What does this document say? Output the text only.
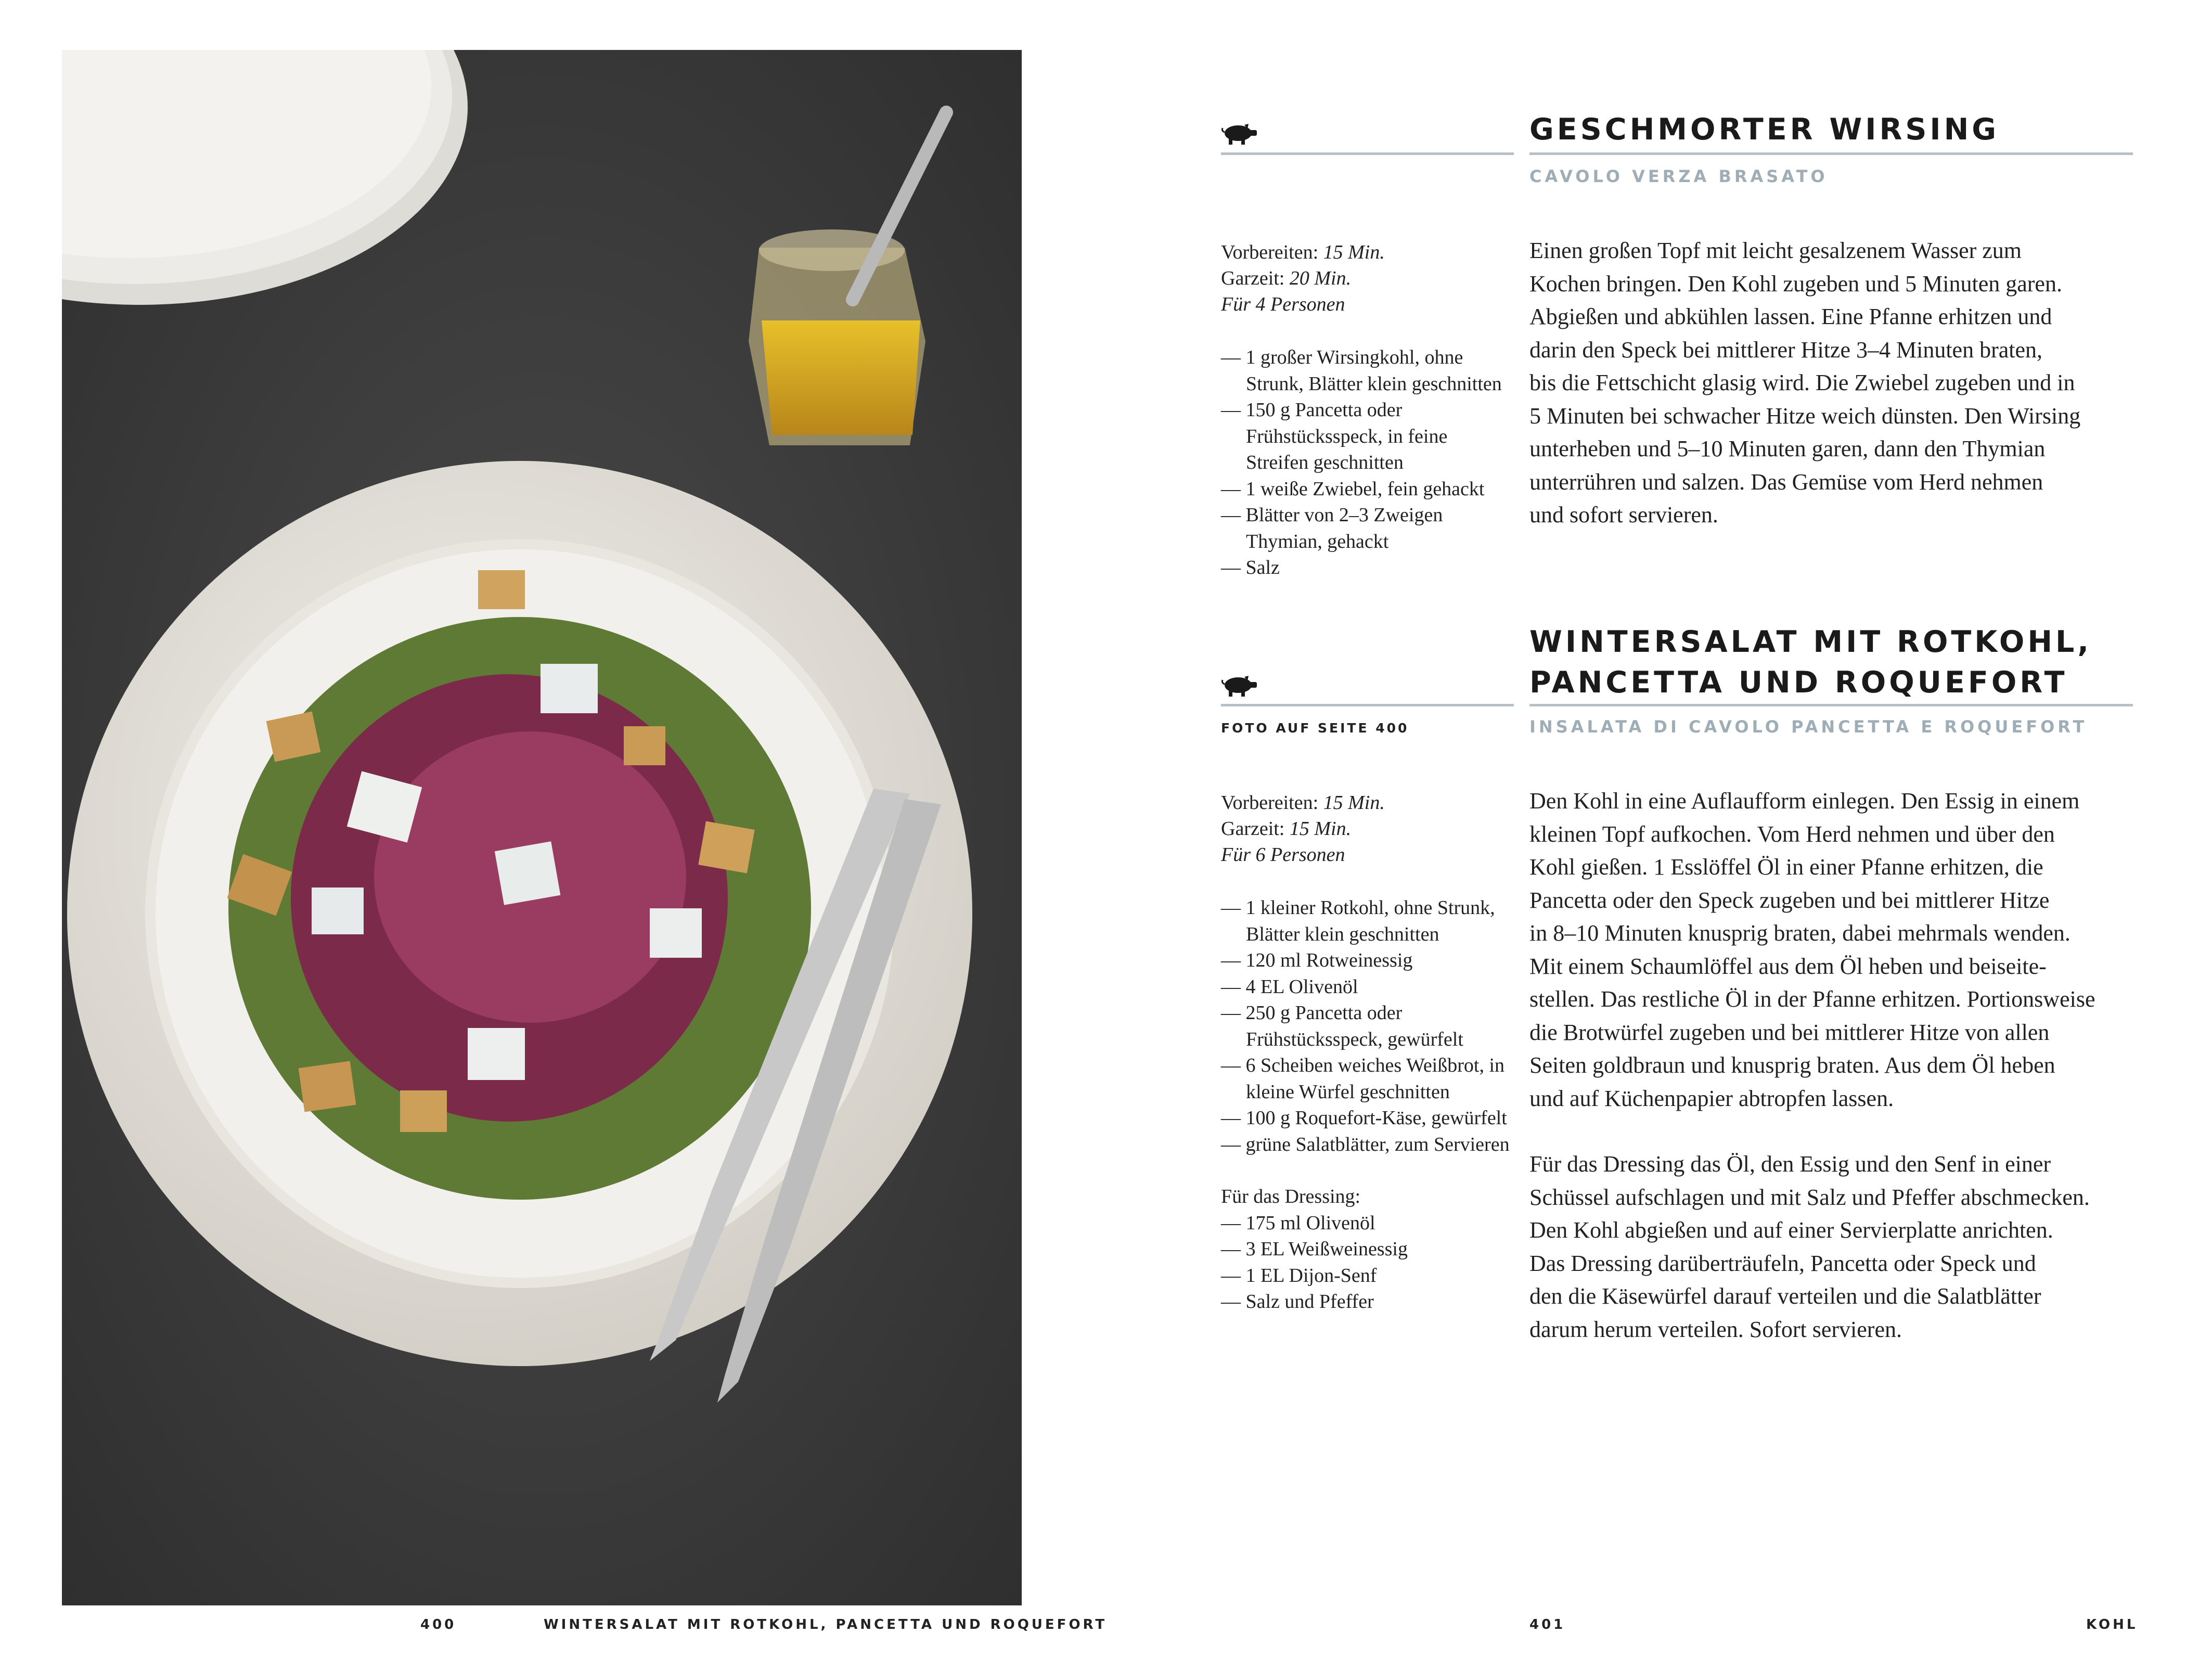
400	WINTERSALAT MIT ROTKOHL, PANCETTA UND ROQUEFORT
GESCHMORTER WIRSING
CAVOLO VERZA BRASATO
Vorbereiten: 15 Min.
Garzeit: 20 Min.
Für 4 Personen
— 1 großer Wirsingkohl, ohne Strunk, Blätter klein geschnitten
— 150 g Pancetta oder Frühstücksspeck, in feine Streifen geschnitten
— 1 weiße Zwiebel, fein gehackt
— Blätter von 2–3 Zweigen Thymian, gehackt
— Salz

Einen großen Topf mit leicht gesalzenem Wasser zum

Kochen bringen. Den Kohl zugeben und 5 Minuten garen.

Abgießen und abkühlen lassen. Eine Pfanne erhitzen und

darin den Speck bei mittlerer Hitze 3–4 Minuten braten,

bis die Fettschicht glasig wird. Die Zwiebel zugeben und in

5 Minuten bei schwacher Hitze weich dünsten. Den Wirsing

unterheben und 5–10 Minuten garen, dann den Thymian

unterrühren und salzen. Das Gemüse vom Herd nehmen

und sofort servieren.

FOTO AUF SEITE 400
WINTERSALAT MIT ROTKOHL,
PANCETTA UND ROQUEFORT
INSALATA DI CAVOLO PANCETTA E ROQUEFORT
Vorbereiten: 15 Min.
Garzeit: 15 Min.
Für 6 Personen
— 1 kleiner Rotkohl, ohne Strunk, Blätter klein geschnitten
— 120 ml Rotweinessig
— 4 EL Olivenöl
— 250 g Pancetta oder Frühstücksspeck, gewürfelt
— 6 Scheiben weiches Weißbrot, in kleine Würfel geschnitten
— 100 g Roquefort-Käse, gewürfelt
— grüne Salatblätter, zum Servieren
Für das Dressing:
— 175 ml Olivenöl
— 3 EL Weißweinessig
— 1 EL Dijon-Senf
— Salz und Pfeffer

Den Kohl in eine Auflaufform einlegen. Den Essig in einem

kleinen Topf aufkochen. Vom Herd nehmen und über den

Kohl gießen. 1 Esslöffel Öl in einer Pfanne erhitzen, die

Pancetta oder den Speck zugeben und bei mittlerer Hitze

in 8–10 Minuten knusprig braten, dabei mehrmals wenden.

Mit einem Schaumlöffel aus dem Öl heben und beiseite-

stellen. Das restliche Öl in der Pfanne erhitzen. Portionsweise

die Brotwürfel zugeben und bei mittlerer Hitze von allen

Seiten goldbraun und knusprig braten. Aus dem Öl heben

und auf Küchenpapier abtropfen lassen.

Für das Dressing das Öl, den Essig und den Senf in einer

Schüssel aufschlagen und mit Salz und Pfeffer abschmecken.

Den Kohl abgießen und auf einer Servierplatte anrichten.

Das Dressing darüberträufeln, Pancetta oder Speck und

den die Käsewürfel darauf verteilen und die Salatblätter

darum herum verteilen. Sofort servieren.

401	KOHL
